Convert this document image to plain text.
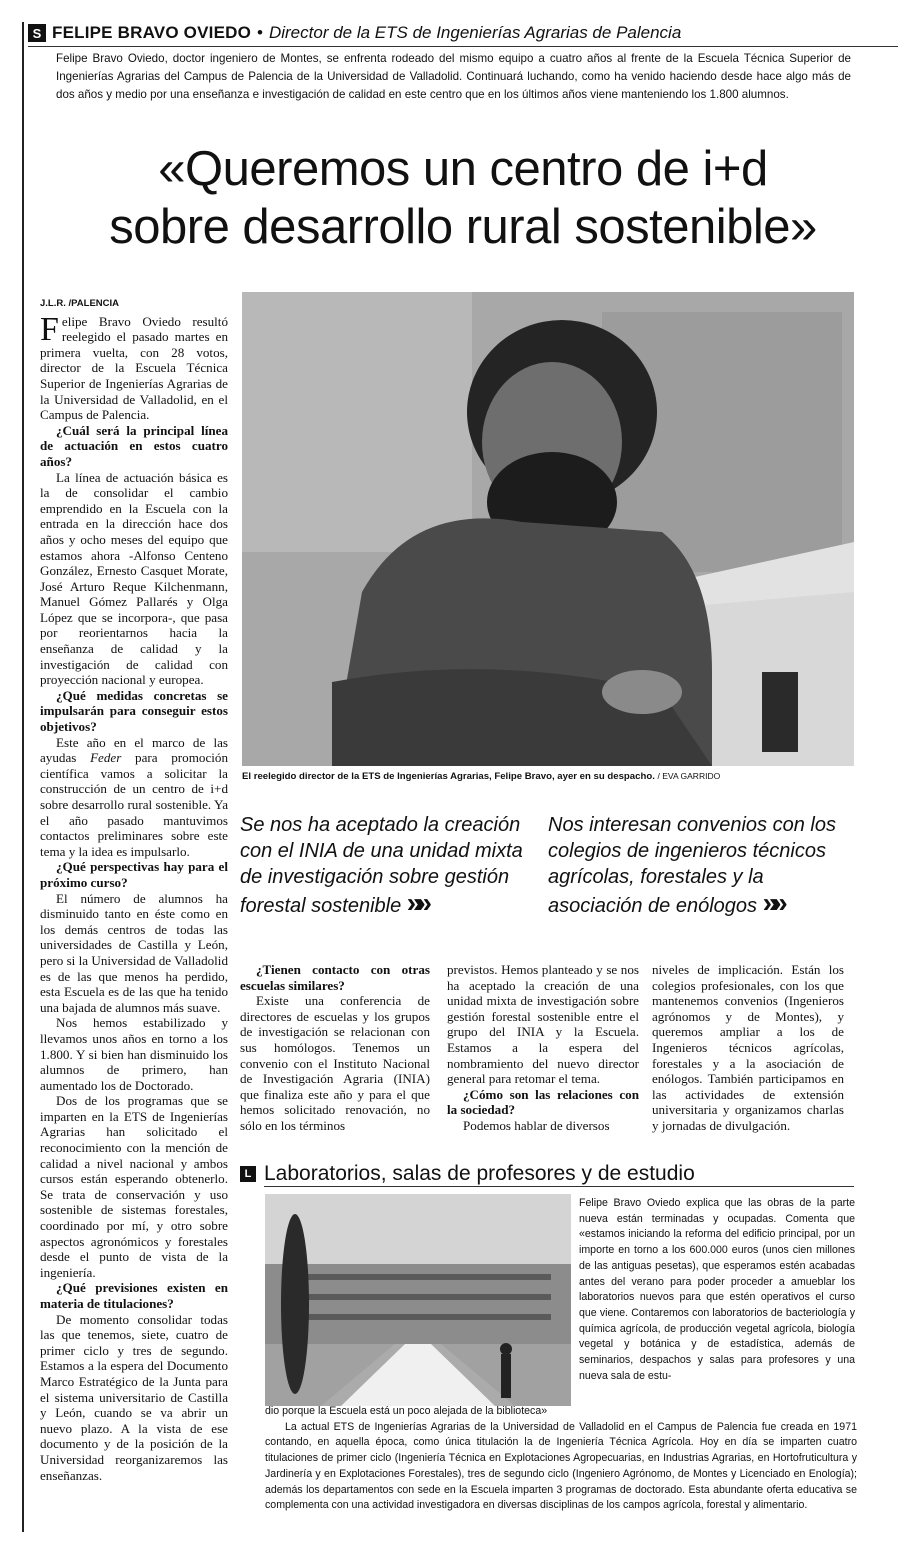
S FELIPE BRAVO OVIEDO • Director de la ETS de Ingenierías Agrarias de Palencia
Felipe Bravo Oviedo, doctor ingeniero de Montes, se enfrenta rodeado del mismo equipo a cuatro años al frente de la Escuela Técnica Superior de Ingenierías Agrarias del Campus de Palencia de la Universidad de Valladolid. Continuará luchando, como ha venido haciendo desde hace algo más de dos años y medio por una enseñanza e investigación de calidad en este centro que en los últimos años viene manteniendo los 1.800 alumnos.
«Queremos un centro de i+d
sobre desarrollo rural sostenible»

J.L.R. /PALENCIA

Felipe Bravo Oviedo resultó reelegido el pasado martes en primera vuelta, con 28 votos, director de la Escuela Técnica Superior de Ingenierías Agrarias de la Universidad de Valladolid, en el Campus de Palencia.

¿Cuál será la principal línea de actuación en estos cuatro años?

La línea de actuación básica es la de consolidar el cambio emprendido en la Escuela con la entrada en la dirección hace dos años y ocho meses del equipo que estamos ahora -Alfonso Centeno González, Ernesto Casquet Morate, José Arturo Reque Kilchenmann, Manuel Gómez Pallarés y Olga López que se incorpora-, que pasa por reorientarnos hacia la enseñanza de calidad y la investigación de calidad con proyección nacional y europea.

¿Qué medidas concretas se impulsarán para conseguir estos objetivos?

Este año en el marco de las ayudas Feder para promoción científica vamos a solicitar la construcción de un centro de i+d sobre desarrollo rural sostenible. Ya el año pasado mantuvimos contactos preliminares sobre este tema y la idea es impulsarlo.

¿Qué perspectivas hay para el próximo curso?

El número de alumnos ha disminuido tanto en éste como en los demás centros de todas las universidades de Castilla y León, pero si la Universidad de Valladolid es de las que menos ha perdido, esta Escuela es de las que ha tenido una bajada de alumnos más suave.

Nos hemos estabilizado y llevamos unos años en torno a los 1.800. Y si bien han disminuido los alumnos de primero, han aumentado los de Doctorado.

Dos de los programas que se imparten en la ETS de Ingenierías Agrarias han solicitado el reconocimiento con la mención de calidad a nivel nacional y ambos cursos están esperando obtenerlo. Se trata de conservación y uso sostenible de sistemas forestales, coordinado por mí, y otro sobre aspectos agronómicos y forestales desde el punto de vista de la ingeniería.

¿Qué previsiones existen en materia de titulaciones?

De momento consolidar todas las que tenemos, siete, cuatro de primer ciclo y tres de segundo. Estamos a la espera del Documento Marco Estratégico de la Junta para el sistema universitario de Castilla y León, cuando se va abrir un nuevo plazo. A la vista de ese documento y de la posición de la Universidad reorganizaremos las enseñanzas.

El reelegido director de la ETS de Ingenierías Agrarias, Felipe Bravo, ayer en su despacho. / EVA GARRIDO
Se nos ha aceptado la creación con el INIA de una unidad mixta de investigación sobre gestión forestal sostenible »»
Nos interesan convenios con los colegios de ingenieros técnicos agrícolas, forestales y la asociación de enólogos »»

¿Tienen contacto con otras escuelas similares?

Existe una conferencia de directores de escuelas y los grupos de investigación se relacionan con sus homólogos. Tenemos un convenio con el Instituto Nacional de Investigación Agraria (INIA) que finaliza este año y para el que hemos solicitado renovación, no sólo en los términos

previstos. Hemos planteado y se nos ha aceptado la creación de una unidad mixta de investigación sobre gestión forestal sostenible entre el grupo del INIA y la Escuela. Estamos a la espera del nombramiento del nuevo director general para retomar el tema.

¿Cómo son las relaciones con la sociedad?

Podemos hablar de diversos

niveles de implicación. Están los colegios profesionales, con los que mantenemos convenios (Ingenieros agrónomos y de Montes), y queremos ampliar a los de Ingenieros técnicos agrícolas, forestales y a la asociación de enólogos. También participamos en las actividades de extensión universitaria y organizamos charlas y jornadas de divulgación.

L Laboratorios, salas de profesores y de estudio
Felipe Bravo Oviedo explica que las obras de la parte nueva están terminadas y ocupadas. Comenta que «estamos iniciando la reforma del edificio principal, por un importe en torno a los 600.000 euros (unos cien millones de las antiguas pesetas), que esperamos estén acabadas antes del verano para poder proceder a amueblar los laboratorios nuevos para que estén operativos el curso que viene. Contaremos con laboratorios de bacteriología y química agrícola, de producción vegetal agrícola, biología vegetal y botánica y de estadística, además de seminarios, despachos y salas para profesores y una nueva sala de estu-
dio porque la Escuela está un poco alejada de la biblioteca»
La actual ETS de Ingenierías Agrarias de la Universidad de Valladolid en el Campus de Palencia fue creada en 1971 contando, en aquella época, como única titulación la de Ingeniería Técnica Agrícola. Hoy en día se imparten cuatro titulaciones de primer ciclo (Ingeniería Técnica en Explotaciones Agropecuarias, en Industrias Agrarias, en Hortofruticultura y Jardinería y en Explotaciones Forestales), tres de segundo ciclo (Ingeniero Agrónomo, de Montes y Licenciado en Enología); además los departamentos con sede en la Escuela imparten 3 programas de doctorado. Esta abundante oferta educativa se complementa con una actividad investigadora en diversas disciplinas de los campos agrícola, forestal y alimentario.
